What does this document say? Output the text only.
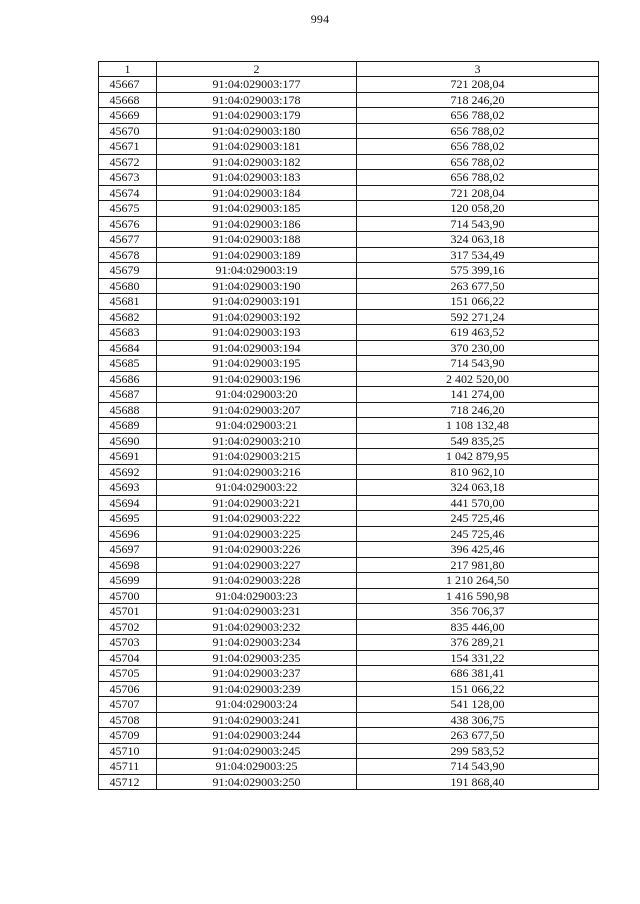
994
1	2	3
45667	91:04:029003:177	721 208,04
45668	91:04:029003:178	718 246,20
45669	91:04:029003:179	656 788,02
45670	91:04:029003:180	656 788,02
45671	91:04:029003:181	656 788,02
45672	91:04:029003:182	656 788,02
45673	91:04:029003:183	656 788,02
45674	91:04:029003:184	721 208,04
45675	91:04:029003:185	120 058,20
45676	91:04:029003:186	714 543,90
45677	91:04:029003:188	324 063,18
45678	91:04:029003:189	317 534,49
45679	91:04:029003:19	575 399,16
45680	91:04:029003:190	263 677,50
45681	91:04:029003:191	151 066,22
45682	91:04:029003:192	592 271,24
45683	91:04:029003:193	619 463,52
45684	91:04:029003:194	370 230,00
45685	91:04:029003:195	714 543,90
45686	91:04:029003:196	2 402 520,00
45687	91:04:029003:20	141 274,00
45688	91:04:029003:207	718 246,20
45689	91:04:029003:21	1 108 132,48
45690	91:04:029003:210	549 835,25
45691	91:04:029003:215	1 042 879,95
45692	91:04:029003:216	810 962,10
45693	91:04:029003:22	324 063,18
45694	91:04:029003:221	441 570,00
45695	91:04:029003:222	245 725,46
45696	91:04:029003:225	245 725,46
45697	91:04:029003:226	396 425,46
45698	91:04:029003:227	217 981,80
45699	91:04:029003:228	1 210 264,50
45700	91:04:029003:23	1 416 590,98
45701	91:04:029003:231	356 706,37
45702	91:04:029003:232	835 446,00
45703	91:04:029003:234	376 289,21
45704	91:04:029003:235	154 331,22
45705	91:04:029003:237	686 381,41
45706	91:04:029003:239	151 066,22
45707	91:04:029003:24	541 128,00
45708	91:04:029003:241	438 306,75
45709	91:04:029003:244	263 677,50
45710	91:04:029003:245	299 583,52
45711	91:04:029003:25	714 543,90
45712	91:04:029003:250	191 868,40
